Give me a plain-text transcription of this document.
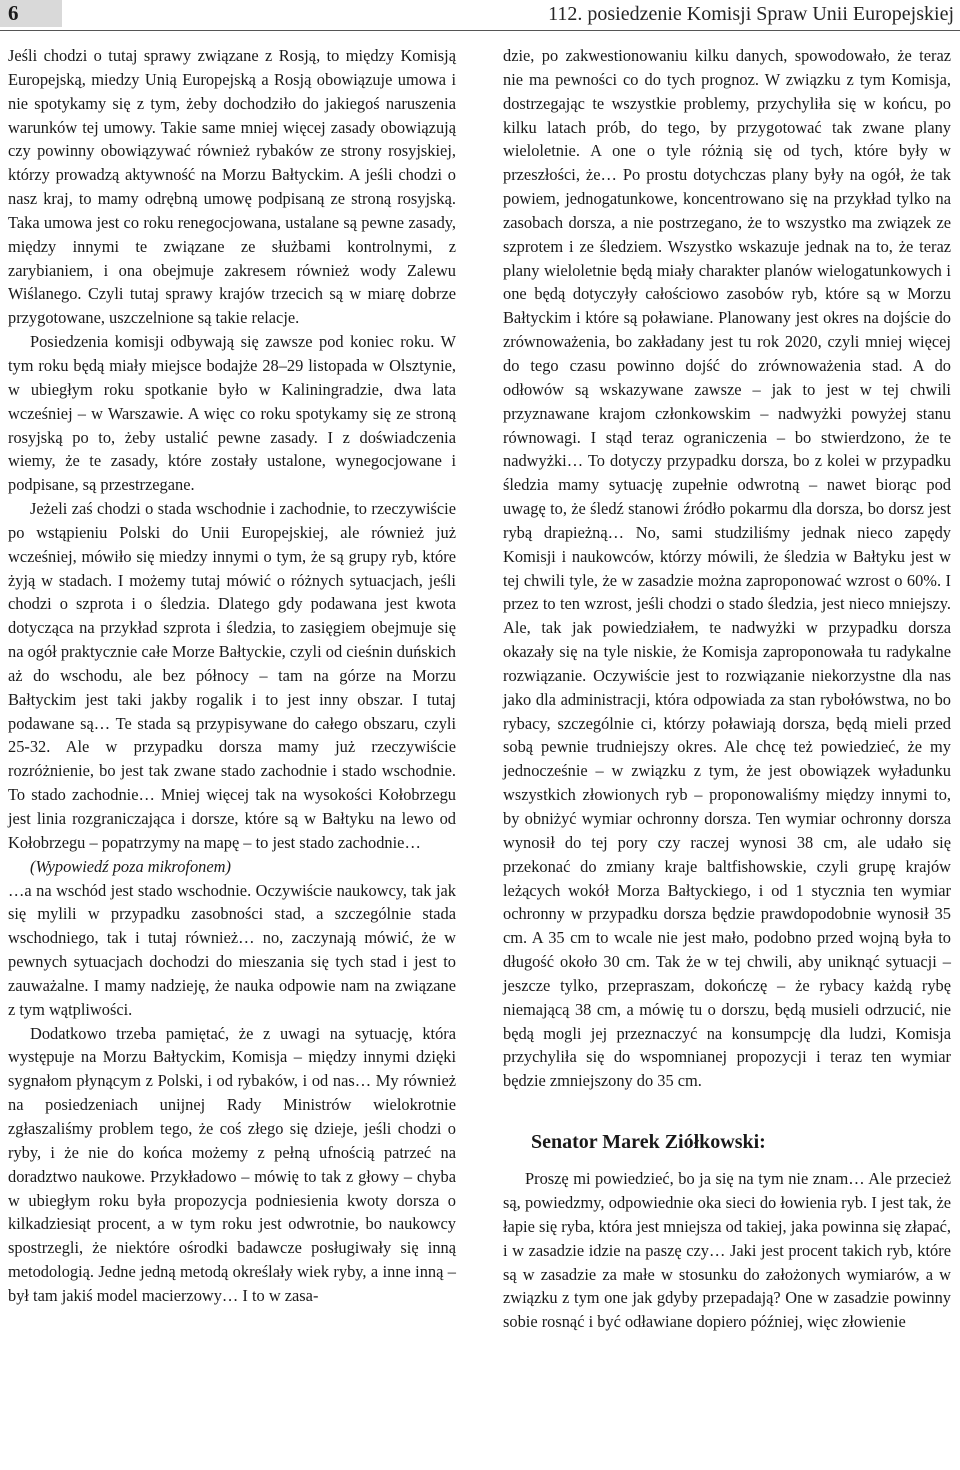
6	112. posiedzenie Komisji Spraw Unii Europejskiej

Jeśli chodzi o tutaj sprawy związane z Rosją, to między Komisją Europejską, miedzy Unią Europejską a Rosją obowiązuje umowa i nie spotykamy się z tym, żeby dochodziło do jakiegoś naruszenia warunków tej umowy. Takie same mniej więcej zasady obowiązują czy powinny obowiązywać również rybaków ze strony rosyjskiej, którzy prowadzą aktywność na Morzu Bałtyckim. A jeśli chodzi o nasz kraj, to mamy odrębną umowę podpisaną ze stroną rosyjską. Taka umowa jest co roku renegocjowana, ustalane są pewne zasady, między innymi te związane ze służbami kontrolnymi, z zarybianiem, i ona obejmuje zakresem również wody Zalewu Wiślanego. Czyli tutaj sprawy krajów trzecich są w miarę dobrze przygotowane, uszczelnione są takie relacje.

Posiedzenia komisji odbywają się zawsze pod koniec roku. W tym roku będą miały miejsce bodajże 28–29 listopada w Olsztynie, w ubiegłym roku spotkanie było w Kaliningradzie, dwa lata wcześniej – w Warszawie. A więc co roku spotykamy się ze stroną rosyjską po to, żeby ustalić pewne zasady. I z doświadczenia wiemy, że te zasady, które zostały ustalone, wynegocjowane i podpisane, są przestrzegane.

Jeżeli zaś chodzi o stada wschodnie i zachodnie, to rzeczywiście po wstąpieniu Polski do Unii Europejskiej, ale również już wcześniej, mówiło się miedzy innymi o tym, że są grupy ryb, które żyją w stadach. I możemy tutaj mówić o różnych sytuacjach, jeśli chodzi o szprota i o śledzia. Dlatego gdy podawana jest kwota dotycząca na przykład szprota i śledzia, to zasięgiem obejmuje się na ogół praktycznie całe Morze Bałtyckie, czyli od cieśnin duńskich aż do wschodu, ale bez północy – tam na górze na Morzu Bałtyckim jest taki jakby rogalik i to jest inny obszar. I tutaj podawane są… Te stada są przypisywane do całego obszaru, czyli 25-32. Ale w przypadku dorsza mamy już rzeczywiście rozróżnienie, bo jest tak zwane stado zachodnie i stado wschodnie. To stado zachodnie… Mniej więcej tak na wysokości Kołobrzegu jest linia rozgraniczająca i dorsze, które są w Bałtyku na lewo od Kołobrzegu – popatrzymy na mapę – to jest stado zachodnie…

(Wypowiedź poza mikrofonem)

…a na wschód jest stado wschodnie. Oczywiście naukowcy, tak jak się mylili w przypadku zasobności stad, a szczególnie stada wschodniego, tak i tutaj również… no, zaczynają mówić, że w pewnych sytuacjach dochodzi do mieszania się tych stad i jest to zauważalne. I mamy nadzieję, że nauka odpowie nam na związane z tym wątpliwości.

Dodatkowo trzeba pamiętać, że z uwagi na sytuację, która występuje na Morzu Bałtyckim, Komisja – między innymi dzięki sygnałom płynącym z Polski, i od rybaków, i od nas… My również na posiedzeniach unijnej Rady Ministrów wielokrotnie zgłaszaliśmy problem tego, że coś złego się dzieje, jeśli chodzi o ryby, i że nie do końca możemy z pełną ufnością patrzeć na doradztwo naukowe. Przykładowo – mówię to tak z głowy – chyba w ubiegłym roku była propozycja podniesienia kwoty dorsza o kilkadziesiąt procent, a w tym roku jest odwrotnie, bo naukowcy spostrzegli, że niektóre ośrodki badawcze posługiwały się inną metodologią. Jedne jedną metodą określały wiek ryby, a inne inną – był tam jakiś model macierzowy… I to w zasa-

dzie, po zakwestionowaniu kilku danych, spowodowało, że teraz nie ma pewności co do tych prognoz. W związku z tym Komisja, dostrzegając te wszystkie problemy, przychyliła się w końcu, po kilku latach prób, do tego, by przygotować tak zwane plany wieloletnie. A one o tyle różnią się od tych, które były w przeszłości, że… Po prostu dotychczas plany były na ogół, że tak powiem, jednogatunkowe, koncentrowano się na przykład tylko na zasobach dorsza, a nie postrzegano, że to wszystko ma związek ze szprotem i ze śledziem. Wszystko wskazuje jednak na to, że teraz plany wieloletnie będą miały charakter planów wielogatunkowych i one będą dotyczyły całościowo zasobów ryb, które są w Morzu Bałtyckim i które są poławiane. Planowany jest okres na dojście do zrównoważenia, bo zakładany jest tu rok 2020, czyli mniej więcej do tego czasu powinno dojść do zrównoważenia stad. A do odłowów są wskazywane zawsze – jak to jest w tej chwili przyznawane krajom członkowskim – nadwyżki powyżej stanu równowagi. I stąd teraz ograniczenia – bo stwierdzono, że te nadwyżki… To dotyczy przypadku dorsza, bo z kolei w przypadku śledzia mamy sytuację zupełnie odwrotną – nawet biorąc pod uwagę to, że śledź stanowi źródło pokarmu dla dorsza, bo dorsz jest rybą drapieżną… No, sami studziliśmy jednak nieco zapędy Komisji i naukowców, którzy mówili, że śledzia w Bałtyku jest w tej chwili tyle, że w zasadzie można zaproponować wzrost o 60%. I przez to ten wzrost, jeśli chodzi o stado śledzia, jest nieco mniejszy. Ale, tak jak powiedziałem, te nadwyżki w przypadku dorsza okazały się na tyle niskie, że Komisja zaproponowała tu radykalne rozwiązanie. Oczywiście jest to rozwiązanie niekorzystne dla nas jako dla administracji, która odpowiada za stan rybołówstwa, no bo rybacy, szczególnie ci, którzy poławiają dorsza, będą mieli przed sobą pewnie trudniejszy okres. Ale chcę też powiedzieć, że my jednocześnie – w związku z tym, że jest obowiązek wyładunku wszystkich złowionych ryb – proponowaliśmy między innymi to, by obniżyć wymiar ochronny dorsza. Ten wymiar ochronny dorsza wynosił do tej pory czy raczej wynosi 38 cm, ale udało się przekonać do zmiany kraje baltfishowskie, czyli grupę krajów leżących wokół Morza Bałtyckiego, i od 1 stycznia ten wymiar ochronny w przypadku dorsza będzie prawdopodobnie wynosił 35 cm. A 35 cm to wcale nie jest mało, podobno przed wojną była to długość około 30 cm. Tak że w tej chwili, aby uniknąć sytuacji – jeszcze tylko, przepraszam, dokończę – że rybacy każdą rybę niemającą 38 cm, a mówię tu o dorszu, będą musieli odrzucić, nie będą mogli jej przeznaczyć na konsumpcję dla ludzi, Komisja przychyliła się do wspomnianej propozycji i teraz ten wymiar będzie zmniejszony do 35 cm.

Senator Marek Ziółkowski:

Proszę mi powiedzieć, bo ja się na tym nie znam… Ale przecież są, powiedzmy, odpowiednie oka sieci do łowienia ryb. I jest tak, że łapie się ryba, która jest mniejsza od takiej, jaka powinna się złapać, i w zasadzie idzie na paszę czy… Jaki jest procent takich ryb, które są w zasadzie za małe w stosunku do założonych wymiarów, a w związku z tym one jak gdyby przepadają? One w zasadzie powinny sobie rosnąć i być odławiane dopiero później, więc złowienie
